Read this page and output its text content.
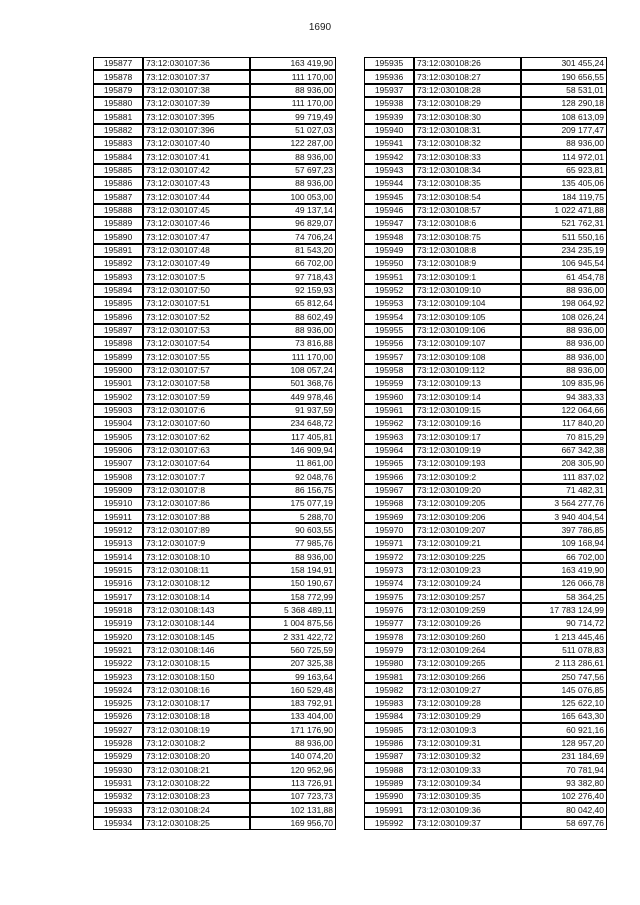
1690
195877	73:12:030107:36	163 419,90
195878	73:12:030107:37	111 170,00
195879	73:12:030107:38	88 936,00
195880	73:12:030107:39	111 170,00
195881	73:12:030107:395	99 719,49
195882	73:12:030107:396	51 027,03
195883	73:12:030107:40	122 287,00
195884	73:12:030107:41	88 936,00
195885	73:12:030107:42	57 697,23
195886	73:12:030107:43	88 936,00
195887	73:12:030107:44	100 053,00
195888	73:12:030107:45	49 137,14
195889	73:12:030107:46	96 829,07
195890	73:12:030107:47	74 706,24
195891	73:12:030107:48	81 543,20
195892	73:12:030107:49	66 702,00
195893	73:12:030107:5	97 718,43
195894	73:12:030107:50	92 159,93
195895	73:12:030107:51	65 812,64
195896	73:12:030107:52	88 602,49
195897	73:12:030107:53	88 936,00
195898	73:12:030107:54	73 816,88
195899	73:12:030107:55	111 170,00
195900	73:12:030107:57	108 057,24
195901	73:12:030107:58	501 368,76
195902	73:12:030107:59	449 978,46
195903	73:12:030107:6	91 937,59
195904	73:12:030107:60	234 648,72
195905	73:12:030107:62	117 405,81
195906	73:12:030107:63	146 909,94
195907	73:12:030107:64	11 861,00
195908	73:12:030107:7	92 048,76
195909	73:12:030107:8	86 156,75
195910	73:12:030107:86	175 077,19
195911	73:12:030107:88	5 288,70
195912	73:12:030107:89	90 603,55
195913	73:12:030107:9	77 985,76
195914	73:12:030108:10	88 936,00
195915	73:12:030108:11	158 194,91
195916	73:12:030108:12	150 190,67
195917	73:12:030108:14	158 772,99
195918	73:12:030108:143	5 368 489,11
195919	73:12:030108:144	1 004 875,56
195920	73:12:030108:145	2 331 422,72
195921	73:12:030108:146	560 725,59
195922	73:12:030108:15	207 325,38
195923	73:12:030108:150	99 163,64
195924	73:12:030108:16	160 529,48
195925	73:12:030108:17	183 792,91
195926	73:12:030108:18	133 404,00
195927	73:12:030108:19	171 176,90
195928	73:12:030108:2	88 936,00
195929	73:12:030108:20	140 074,20
195930	73:12:030108:21	120 952,96
195931	73:12:030108:22	113 726,91
195932	73:12:030108:23	107 723,73
195933	73:12:030108:24	102 131,88
195934	73:12:030108:25	169 956,70
195935	73:12:030108:26	301 455,24
195936	73:12:030108:27	190 656,55
195937	73:12:030108:28	58 531,01
195938	73:12:030108:29	128 290,18
195939	73:12:030108:30	108 613,09
195940	73:12:030108:31	209 177,47
195941	73:12:030108:32	88 936,00
195942	73:12:030108:33	114 972,01
195943	73:12:030108:34	65 923,81
195944	73:12:030108:35	135 405,06
195945	73:12:030108:54	184 119,75
195946	73:12:030108:57	1 022 471,88
195947	73:12:030108:6	521 762,31
195948	73:12:030108:75	511 550,16
195949	73:12:030108:8	234 235,19
195950	73:12:030108:9	106 945,54
195951	73:12:030109:1	61 454,78
195952	73:12:030109:10	88 936,00
195953	73:12:030109:104	198 064,92
195954	73:12:030109:105	108 026,24
195955	73:12:030109:106	88 936,00
195956	73:12:030109:107	88 936,00
195957	73:12:030109:108	88 936,00
195958	73:12:030109:112	88 936,00
195959	73:12:030109:13	109 835,96
195960	73:12:030109:14	94 383,33
195961	73:12:030109:15	122 064,66
195962	73:12:030109:16	117 840,20
195963	73:12:030109:17	70 815,29
195964	73:12:030109:19	667 342,38
195965	73:12:030109:193	208 305,90
195966	73:12:030109:2	111 837,02
195967	73:12:030109:20	71 482,31
195968	73:12:030109:205	3 564 277,76
195969	73:12:030109:206	3 940 404,54
195970	73:12:030109:207	397 786,85
195971	73:12:030109:21	109 168,94
195972	73:12:030109:225	66 702,00
195973	73:12:030109:23	163 419,90
195974	73:12:030109:24	126 066,78
195975	73:12:030109:257	58 364,25
195976	73:12:030109:259	17 783 124,99
195977	73:12:030109:26	90 714,72
195978	73:12:030109:260	1 213 445,46
195979	73:12:030109:264	511 078,83
195980	73:12:030109:265	2 113 286,61
195981	73:12:030109:266	250 747,56
195982	73:12:030109:27	145 076,85
195983	73:12:030109:28	125 622,10
195984	73:12:030109:29	165 643,30
195985	73:12:030109:3	60 921,16
195986	73:12:030109:31	128 957,20
195987	73:12:030109:32	231 184,69
195988	73:12:030109:33	70 781,94
195989	73:12:030109:34	93 382,80
195990	73:12:030109:35	102 276,40
195991	73:12:030109:36	80 042,40
195992	73:12:030109:37	58 697,76
